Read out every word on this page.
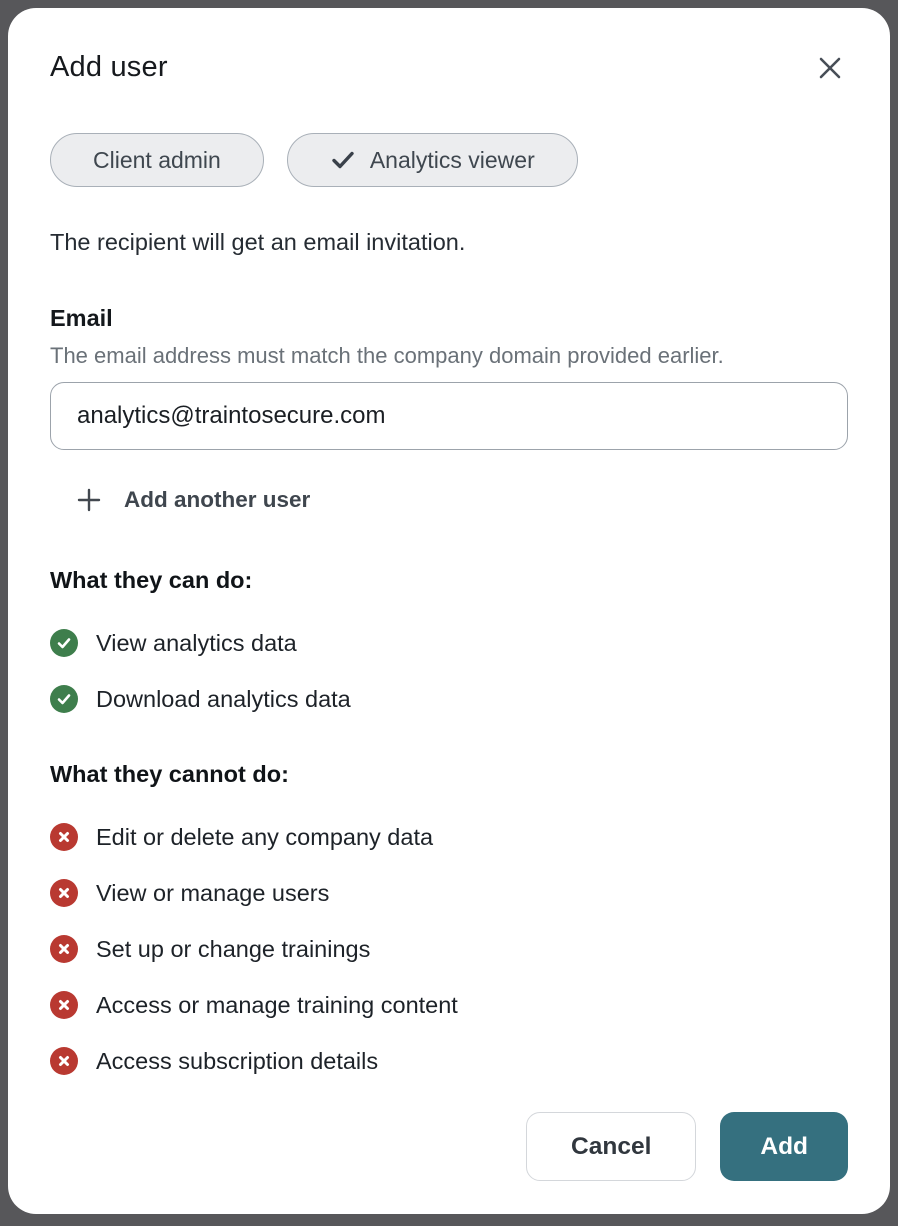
Add user
Client admin	Analytics viewer

The recipient will get an email invitation.

Email
The email address must match the company domain provided earlier.
analytics@traintosecure.com
Add another user
What they can do:
View analytics data
Download analytics data
What they cannot do:
Edit or delete any company data
View or manage users
Set up or change trainings
Access or manage training content
Access subscription details
Cancel	Add
